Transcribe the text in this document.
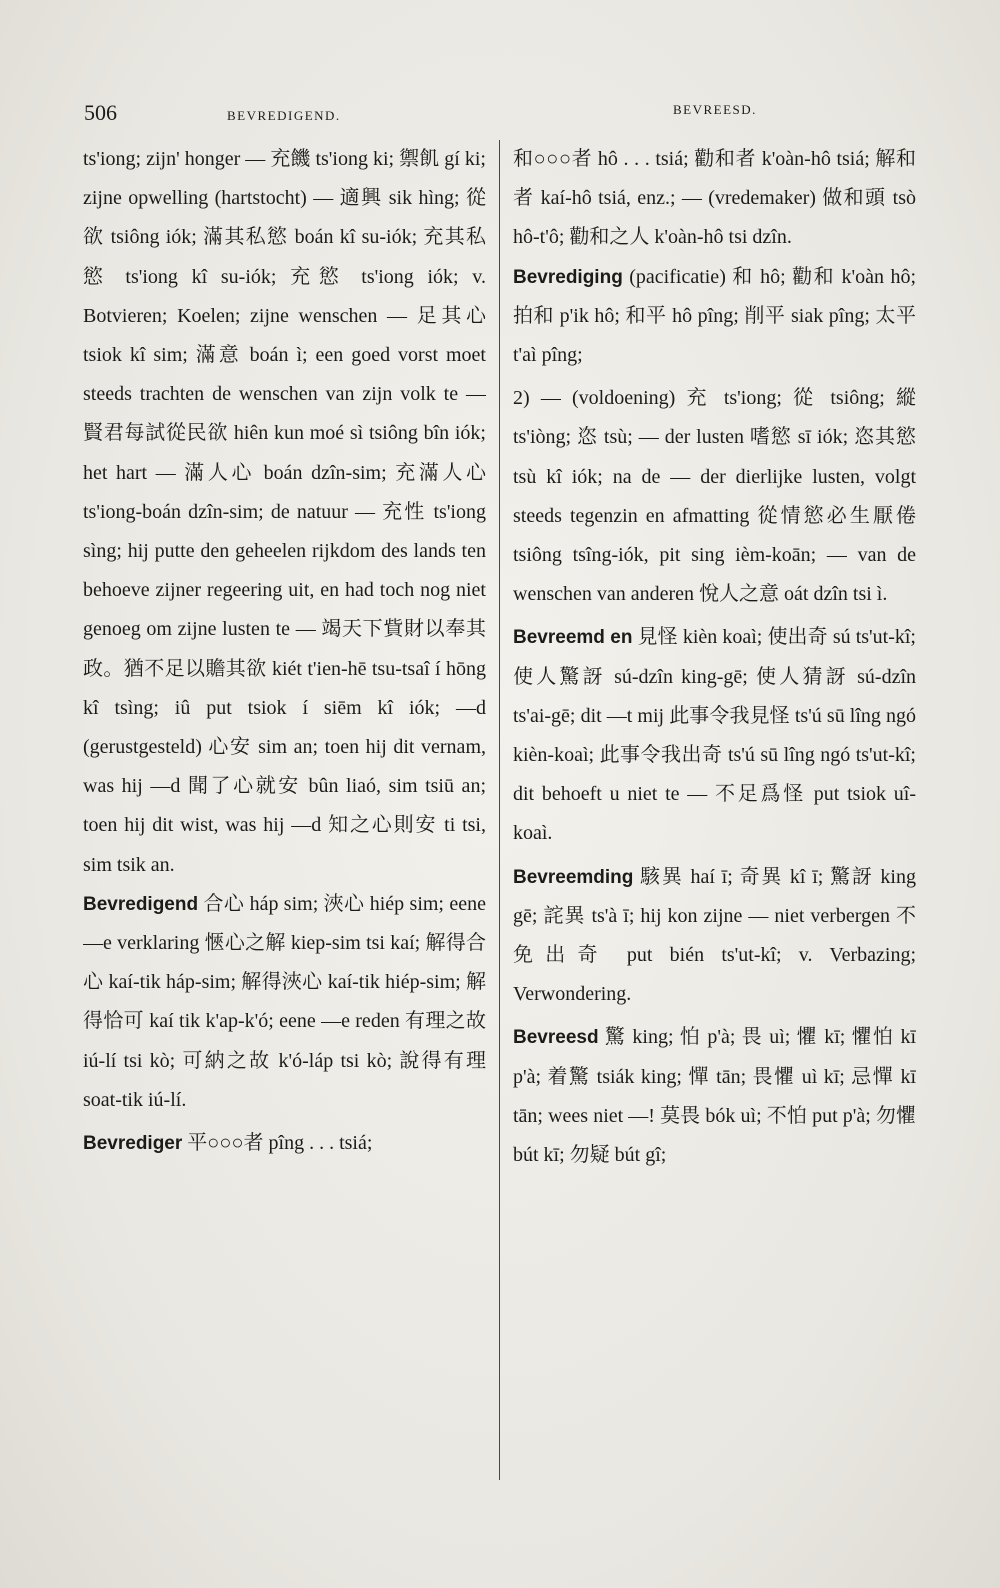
506	BEVREDIGEND.	BEVREESD.

ts'iong; zijn' honger — 充饑 ts'iong ki; 禦飢 gí ki; zijne opwelling (hartstocht) — 適興 sik hìng; 從欲 tsiông iók; 滿其私慾 boán kî su-iók; 充其私慾 ts'iong kî su-iók; 充慾 ts'iong iók; v. Botvieren; Koelen; zijne wenschen — 足其心 tsiok kî sim; 滿意 boán ì; een goed vorst moet steeds trachten de wenschen van zijn volk te — 賢君每試從民欲 hiên kun moé sì tsiông bîn iók; het hart — 滿人心 boán dzîn-sim; 充滿人心 ts'iong-boán dzîn-sim; de natuur — 充性 ts'iong sìng; hij putte den geheelen rijkdom des lands ten behoeve zijner regeering uit, en had toch nog niet genoeg om zijne lusten te — 竭天下貲財以奉其政。猶不足以贍其欲 kiét t'ien-hē tsu-tsaî í hōng kî tsìng; iû put tsiok í siēm kî iók; —d (gerustgesteld) 心安 sim an; toen hij dit vernam, was hij —d 聞了心就安 bûn liaó, sim tsiū an; toen hij dit wist, was hij —d 知之心則安 ti tsi, sim tsik an.

Bevredigend 合心 háp sim; 浹心 hiép sim; eene —e verklaring 愜心之解 kiep-sim tsi kaí; 解得合心 kaí-tik háp-sim; 解得浹心 kaí-tik hiép-sim; 解得恰可 kaí tik k'ap-k'ó; eene —e reden 有理之故 iú-lí tsi kò; 可納之故 k'ó-láp tsi kò; 說得有理 soat-tik iú-lí.

Bevrediger 平○○○者 pîng . . . tsiá;

和○○○者 hô . . . tsiá; 勸和者 k'oàn-hô tsiá; 解和者 kaí-hô tsiá, enz.; — (vredemaker) 做和頭 tsò hô-t'ô; 勸和之人 k'oàn-hô tsi dzîn.

Bevrediging (pacificatie) 和 hô; 勸和 k'oàn hô; 拍和 p'ik hô; 和平 hô pîng; 削平 siak pîng; 太平 t'aì pîng;

2) — (voldoening) 充 ts'iong; 從 tsiông; 縱 ts'iòng; 恣 tsù; — der lusten 嗜慾 sī iók; 恣其慾 tsù kî iók; na de — der dierlijke lusten, volgt steeds tegenzin en afmatting 從情慾必生厭倦 tsiông tsîng-iók, pit sing ièm-koān; — van de wenschen van anderen 悅人之意 oát dzîn tsi ì.

Bevreemd en 見怪 kièn koaì; 使出奇 sú ts'ut-kî; 使人驚訝 sú-dzîn king-gē; 使人猜訝 sú-dzîn ts'ai-gē; dit —t mij 此事令我見怪 ts'ú sū lîng ngó kièn-koaì; 此事令我出奇 ts'ú sū lîng ngó ts'ut-kî; dit behoeft u niet te — 不足爲怪 put tsiok uî-koaì.

Bevreemding 駭異 haí ī; 奇異 kî ī; 驚訝 king gē; 詫異 ts'à ī; hij kon zijne — niet verbergen 不免出奇 put bién ts'ut-kî; v. Verbazing; Verwondering.

Bevreesd 驚 king; 怕 p'à; 畏 uì; 懼 kī; 懼怕 kī p'à; 着驚 tsiák king; 憚 tān; 畏懼 uì kī; 忌憚 kī tān; wees niet —! 莫畏 bók uì; 不怕 put p'à; 勿懼 bút kī; 勿疑 bút gî;
